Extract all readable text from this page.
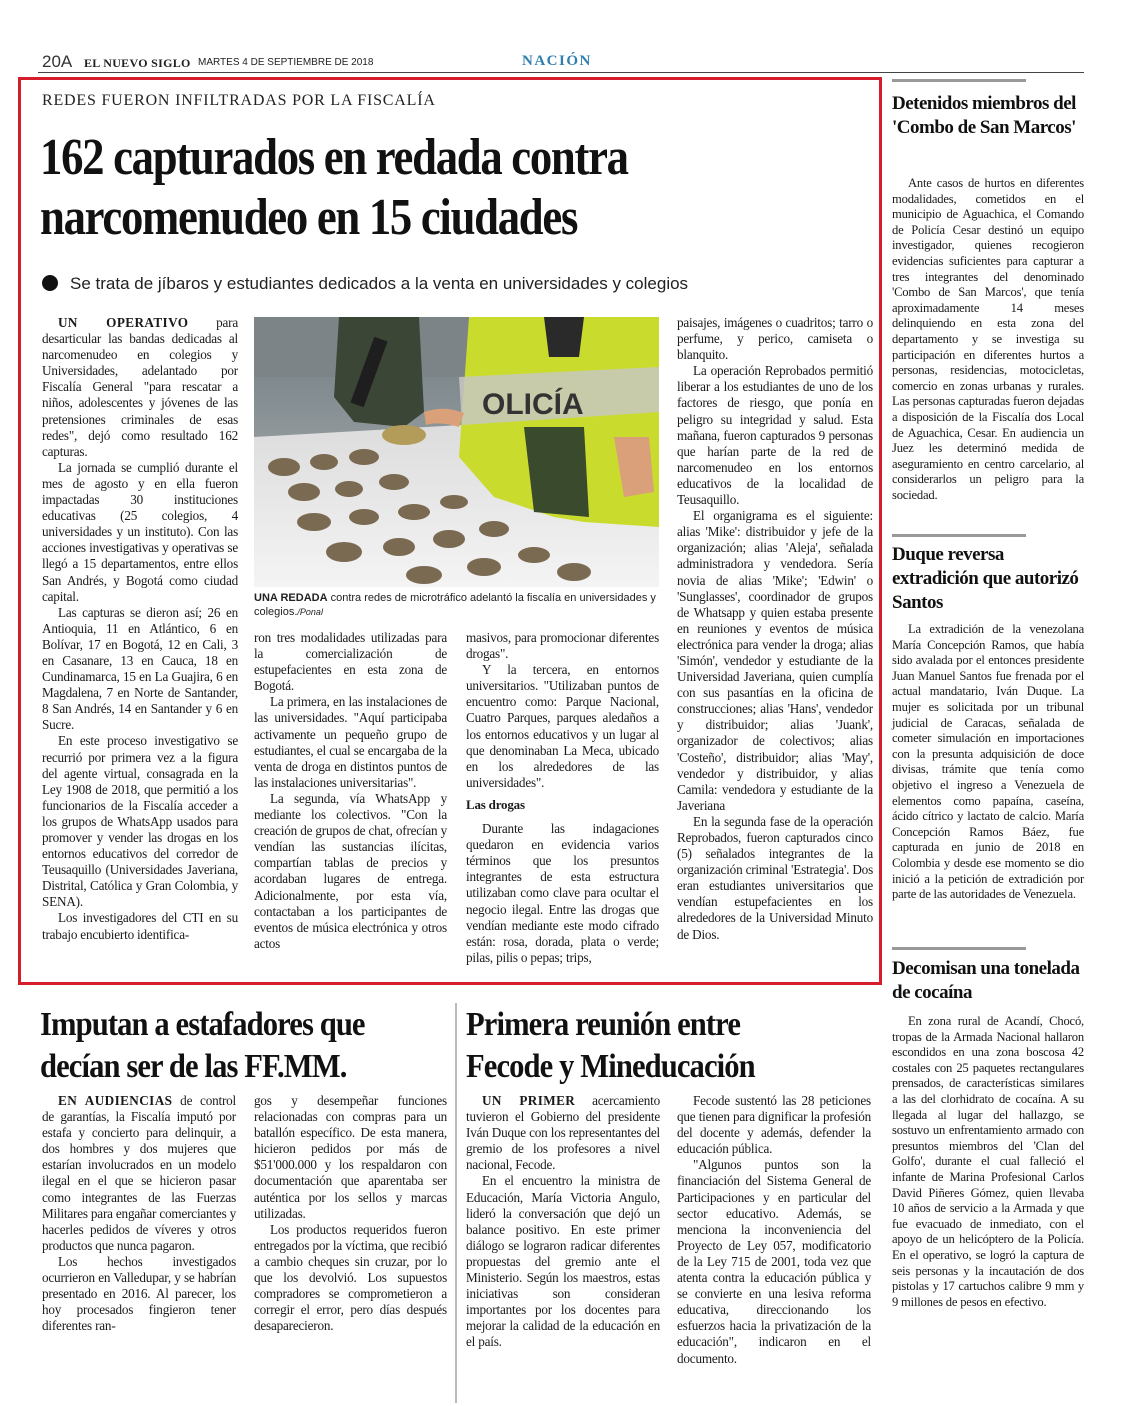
20A EL NUEVO SIGLO MARTES 4 DE SEPTIEMBRE DE 2018	NACIÓN
REDES FUERON INFILTRADAS POR LA FISCALÍA
162 capturados en redada contra
narcomenudeo en 15 ciudades
Se trata de jíbaros y estudiantes dedicados a la venta en universidades y colegios

UN OPERATIVO para desarticular las bandas dedicadas al narcomenudeo en colegios y Universidades, adelantado por Fiscalía General "para rescatar a niños, adolescentes y jóvenes de las pretensiones criminales de esas redes", dejó como resultado 162 capturas.

La jornada se cumplió durante el mes de agosto y en ella fueron impactadas 30 instituciones educativas (25 colegios, 4 universidades y un instituto). Con las acciones investigativas y operativas se llegó a 15 departamentos, entre ellos San Andrés, y Bogotá como ciudad capital.

Las capturas se dieron así; 26 en Antioquia, 11 en Atlántico, 6 en Bolívar, 17 en Bogotá, 12 en Cali, 3 en Casanare, 13 en Cauca, 18 en Cundinamarca, 15 en La Guajira, 6 en Magdalena, 7 en Norte de Santander, 8 San Andrés, 14 en Santander y 6 en Sucre.

En este proceso investigativo se recurrió por primera vez a la figura del agente virtual, consagrada en la Ley 1908 de 2018, que permitió a los funcionarios de la Fiscalía acceder a los grupos de WhatsApp usados para promover y vender las drogas en los entornos educativos del corredor de Teusaquillo (Universidades Javeriana, Distrital, Católica y Gran Colombia, y SENA).

Los investigadores del CTI en su trabajo encubierto identifica-

OLICÍA
UNA REDADA contra redes de microtráfico adelantó la fiscalía en universidades y colegios./Ponal

ron tres modalidades utilizadas para la comercialización de estupefacientes en esta zona de Bogotá.

La primera, en las instalaciones de las universidades. "Aquí participaba activamente un pequeño grupo de estudiantes, el cual se encargaba de la venta de droga en distintos puntos de las instalaciones universitarias".

La segunda, vía WhatsApp y mediante los colectivos. "Con la creación de grupos de chat, ofrecían y vendían las sustancias ilícitas, compartían tablas de precios y acordaban lugares de entrega. Adicionalmente, por esta vía, contactaban a los participantes de eventos de música electrónica y otros actos

masivos, para promocionar diferentes drogas".

Y la tercera, en entornos universitarios. "Utilizaban puntos de encuentro como: Parque Nacional, Cuatro Parques, parques aledaños a los entornos educativos y un lugar al que denominaban La Meca, ubicado en los alrededores de las universidades".

Las drogas

Durante las indagaciones quedaron en evidencia varios términos que los presuntos integrantes de esta estructura utilizaban como clave para ocultar el negocio ilegal. Entre las drogas que vendían mediante este modo cifrado están: rosa, dorada, plata o verde; pilas, pilis o pepas; trips,

paisajes, imágenes o cuadritos; tarro o perfume, y perico, camiseta o blanquito.

La operación Reprobados permitió liberar a los estudiantes de uno de los factores de riesgo, que ponía en peligro su integridad y salud. Esta mañana, fueron capturados 9 personas que harían parte de la red de narcomenudeo en los entornos educativos de la localidad de Teusaquillo.

El organigrama es el siguiente: alias 'Mike': distribuidor y jefe de la organización; alias 'Aleja', señalada administradora y vendedora. Sería novia de alias 'Mike'; 'Edwin' o 'Sunglasses', coordinador de grupos de Whatsapp y quien estaba presente en reuniones y eventos de música electrónica para vender la droga; alias 'Simón', vendedor y estudiante de la Universidad Javeriana, quien cumplía con sus pasantías en la oficina de construcciones; alias 'Hans', vendedor y distribuidor; alias 'Juank', organizador de colectivos; alias 'Costeño', distribuidor; alias 'May', vendedor y distribuidor, y alias Camila: vendedora y estudiante de la Javeriana

En la segunda fase de la operación Reprobados, fueron capturados cinco (5) señalados integrantes de la organización criminal 'Estrategia'. Dos eran estudiantes universitarios que vendían estupefacientes en los alrededores de la Universidad Minuto de Dios.

Detenidos miembros del 'Combo de San Marcos'

Ante casos de hurtos en diferentes modalidades, cometidos en el municipio de Aguachica, el Comando de Policía Cesar destinó un equipo investigador, quienes recogieron evidencias suficientes para capturar a tres integrantes del denominado 'Combo de San Marcos', que tenía aproximadamente 14 meses delinquiendo en esta zona del departamento y se investiga su participación en diferentes hurtos a personas, residencias, motocicletas, comercio en zonas urbanas y rurales. Las personas capturadas fueron dejadas a disposición de la Fiscalía dos Local de Aguachica, Cesar. En audiencia un Juez les determinó medida de aseguramiento en centro carcelario, al considerarlos un peligro para la sociedad.

Duque reversa extradición que autorizó Santos

La extradición de la venezolana María Concepción Ramos, que había sido avalada por el entonces presidente Juan Manuel Santos fue frenada por el actual mandatario, Iván Duque. La mujer es solicitada por un tribunal judicial de Caracas, señalada de cometer simulación en importaciones con la presunta adquisición de doce divisas, trámite que tenía como objetivo el ingreso a Venezuela de elementos como papaína, caseína, ácido cítrico y lactato de calcio. María Concepción Ramos Báez, fue capturada en junio de 2018 en Colombia y desde ese momento se dio inició a la petición de extradición por parte de las autoridades de Venezuela.

Decomisan una tonelada de cocaína

En zona rural de Acandí, Chocó, tropas de la Armada Nacional hallaron escondidos en una zona boscosa 42 costales con 25 paquetes rectangulares prensados, de características similares a las del clorhidrato de cocaína. A su llegada al lugar del hallazgo, se sostuvo un enfrentamiento armado con presuntos miembros del 'Clan del Golfo', durante el cual falleció el infante de Marina Profesional Carlos David Piñeres Gómez, quien llevaba 10 años de servicio a la Armada y que fue evacuado de inmediato, con el apoyo de un helicóptero de la Policía. En el operativo, se logró la captura de seis personas y la incautación de dos pistolas y 17 cartuchos calibre 9 mm y 9 millones de pesos en efectivo.

Imputan a estafadores que
decían ser de las FF.MM.

EN AUDIENCIAS de control de garantías, la Fiscalía imputó por estafa y concierto para delinquir, a dos hombres y dos mujeres que estarían involucrados en un modelo ilegal en el que se hicieron pasar como integrantes de las Fuerzas Militares para engañar comerciantes y hacerles pedidos de víveres y otros productos que nunca pagaron.

Los hechos investigados ocurrieron en Valledupar, y se habrían presentado en 2016. Al parecer, los hoy procesados fingieron tener diferentes ran-

gos y desempeñar funciones relacionadas con compras para un batallón específico. De esta manera, hicieron pedidos por más de $51'000.000 y los respaldaron con documentación que aparentaba ser auténtica por los sellos y marcas utilizadas.

Los productos requeridos fueron entregados por la víctima, que recibió a cambio cheques sin cruzar, por lo que los devolvió. Los supuestos compradores se comprometieron a corregir el error, pero días después desaparecieron.

Primera reunión entre
Fecode y Mineducación

UN PRIMER acercamiento tuvieron el Gobierno del presidente Iván Duque con los representantes del gremio de los profesores a nivel nacional, Fecode.

En el encuentro la ministra de Educación, María Victoria Angulo, lideró la conversación que dejó un balance positivo. En este primer diálogo se lograron radicar diferentes propuestas del gremio ante el Ministerio. Según los maestros, estas iniciativas son consideran importantes por los docentes para mejorar la calidad de la educación en el país.

Fecode sustentó las 28 peticiones que tienen para dignificar la profesión del docente y además, defender la educación pública.

"Algunos puntos son la financiación del Sistema General de Participaciones y en particular del sector educativo. Además, se menciona la inconveniencia del Proyecto de Ley 057, modificatorio de la Ley 715 de 2001, toda vez que atenta contra la educación pública y se convierte en una lesiva reforma educativa, direccionando los esfuerzos hacia la privatización de la educación", indicaron en el documento.
